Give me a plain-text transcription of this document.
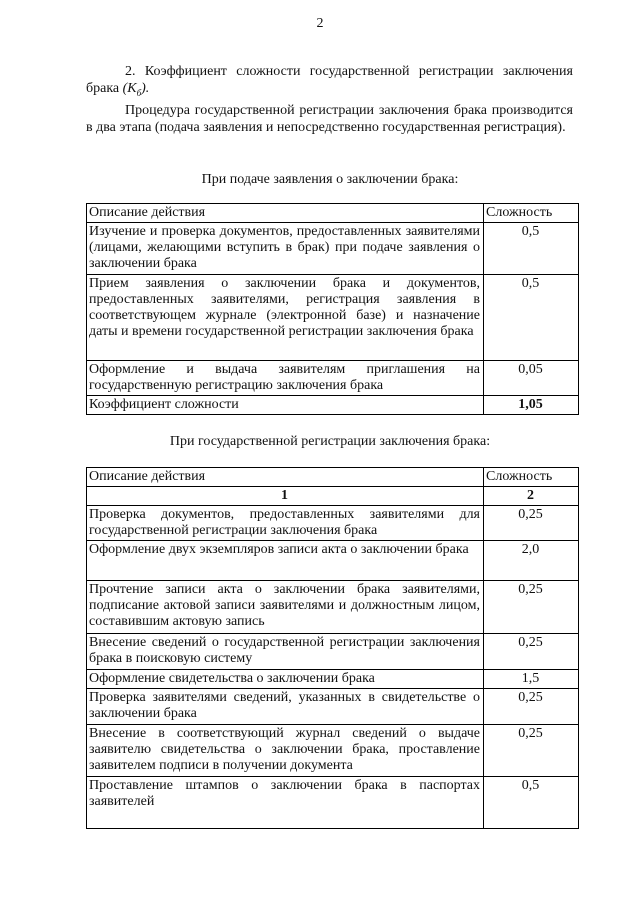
2
2. Коэффициент сложности государственной регистрации заключения брака $(К_б)$.
Процедура государственной регистрации заключения брака производится в два этапа (подача заявления и непосредственно государственная регистрация).
При подаче заявления о заключении брака:
Описание действия	Сложность
Изучение и проверка документов, предоставленных заявителями (лицами, желающими вступить в брак) при подаче заявления о заключении брака	0,5
Прием заявления о заключении брака и документов, предоставленных заявителями, регистрация заявления в соответствующем журнале (электронной базе) и назначение даты и времени государственной регистрации заключения брака	0,5
Оформление и выдача заявителям приглашения на государственную регистрацию заключения брака	0,05
Коэффициент сложности	1,05
При государственной регистрации заключения брака:
Описание действия	Сложность
1	2
Проверка документов, предоставленных заявителями для государственной регистрации заключения брака	0,25
Оформление двух экземпляров записи акта о заключении брака	2,0
Прочтение записи акта о заключении брака заявителями, подписание актовой записи заявителями и должностным лицом, составившим актовую запись	0,25
Внесение сведений о государственной регистрации заключения брака в поисковую систему	0,25
Оформление свидетельства о заключении брака	1,5
Проверка заявителями сведений, указанных в свидетельстве о заключении брака	0,25
Внесение в соответствующий журнал сведений о выдаче заявителю свидетельства о заключении брака, проставление заявителем подписи в получении документа	0,25
Проставление штампов о заключении брака в паспортах заявителей	0,5
